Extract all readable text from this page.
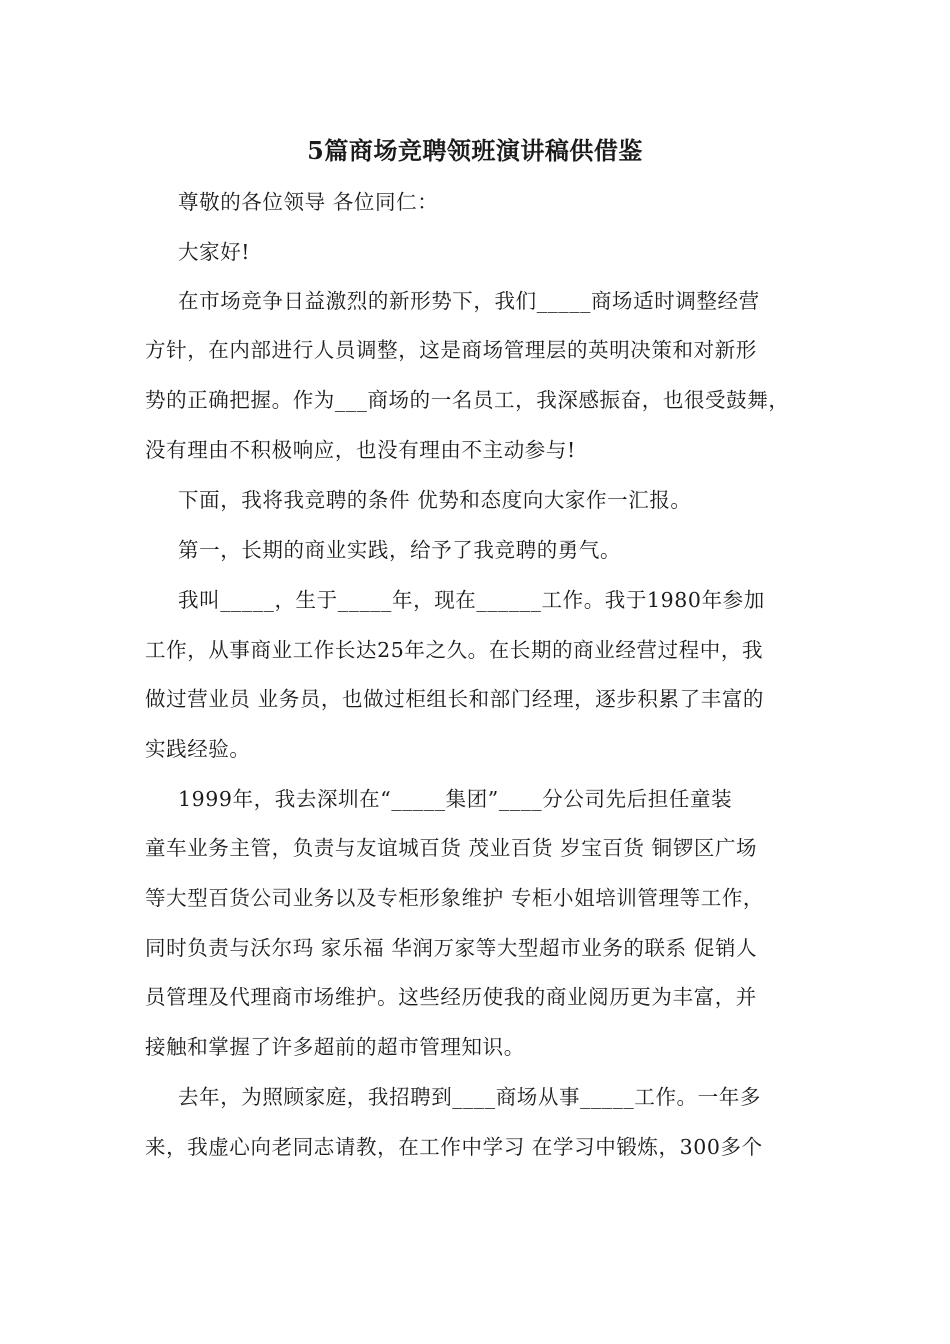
5篇商场竞聘领班演讲稿供借鉴

尊敬的各位领导 各位同仁：

大家好!

在市场竞争日益激烈的新形势下，我们_____商场适时调整经营

方针，在内部进行人员调整，这是商场管理层的英明决策和对新形

势的正确把握。作为___商场的一名员工，我深感振奋，也很受鼓舞，

没有理由不积极响应，也没有理由不主动参与!

下面，我将我竞聘的条件 优势和态度向大家作一汇报。

第一，长期的商业实践，给予了我竞聘的勇气。

我叫_____，生于_____年，现在______工作。我于1980年参加

工作，从事商业工作长达25年之久。在长期的商业经营过程中，我

做过营业员 业务员，也做过柜组长和部门经理，逐步积累了丰富的

实践经验。

1999年，我去深圳在“_____集团”____分公司先后担任童装

童车业务主管，负责与友谊城百货 茂业百货 岁宝百货 铜锣区广场

等大型百货公司业务以及专柜形象维护 专柜小姐培训管理等工作，

同时负责与沃尔玛 家乐福 华润万家等大型超市业务的联系 促销人

员管理及代理商市场维护。这些经历使我的商业阅历更为丰富，并

接触和掌握了许多超前的超市管理知识。

去年，为照顾家庭，我招聘到____商场从事_____工作。一年多

来，我虚心向老同志请教，在工作中学习 在学习中锻炼，300多个
